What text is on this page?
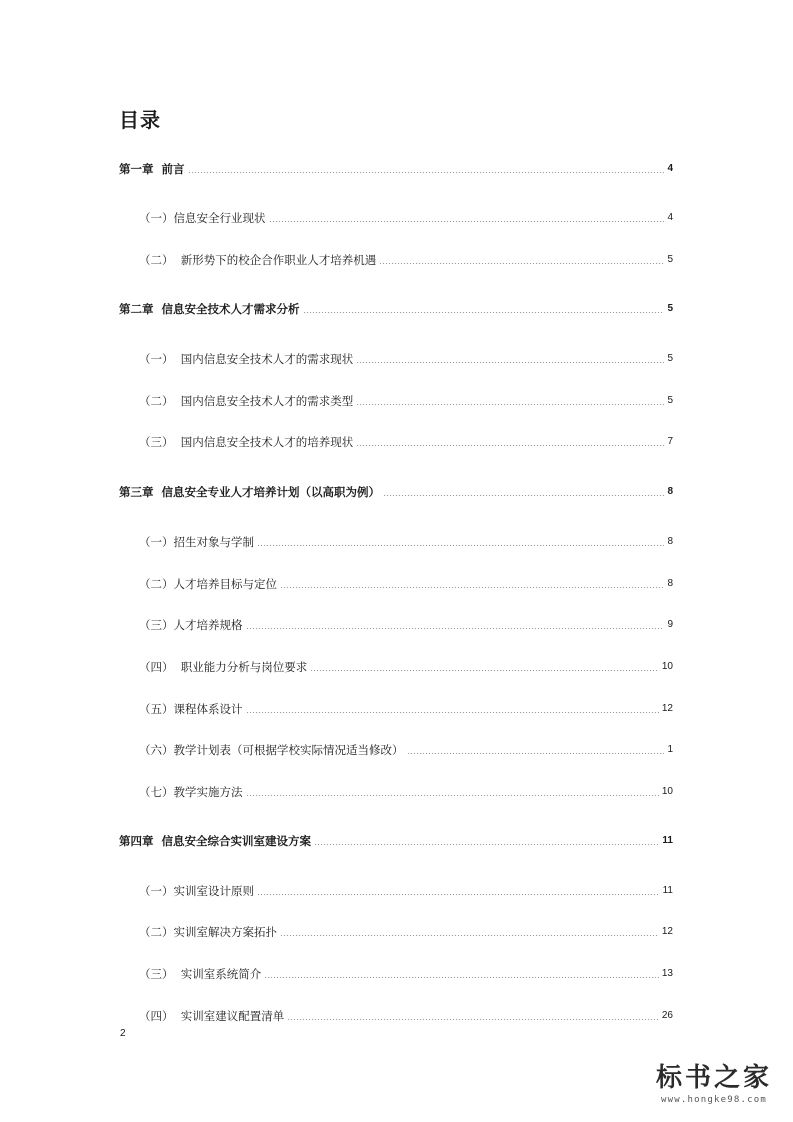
目录
第一章  前言	4
（一）信息安全行业现状	4
（二）  新形势下的校企合作职业人才培养机遇	5
第二章  信息安全技术人才需求分析	5
（一）  国内信息安全技术人才的需求现状	5
（二）  国内信息安全技术人才的需求类型	5
（三）  国内信息安全技术人才的培养现状	7
第三章  信息安全专业人才培养计划（以高职为例）	8
（一）招生对象与学制	8
（二）人才培养目标与定位	8
（三）人才培养规格	9
（四）  职业能力分析与岗位要求	10
（五）课程体系设计	12
（六）教学计划表（可根据学校实际情况适当修改）	1
（七）教学实施方法	10
第四章  信息安全综合实训室建设方案	11
（一）实训室设计原则	11
（二）实训室解决方案拓扑	12
（三）  实训室系统简介	13
（四）  实训室建议配置清单	26
2
标书之家
www.hongke98.com
